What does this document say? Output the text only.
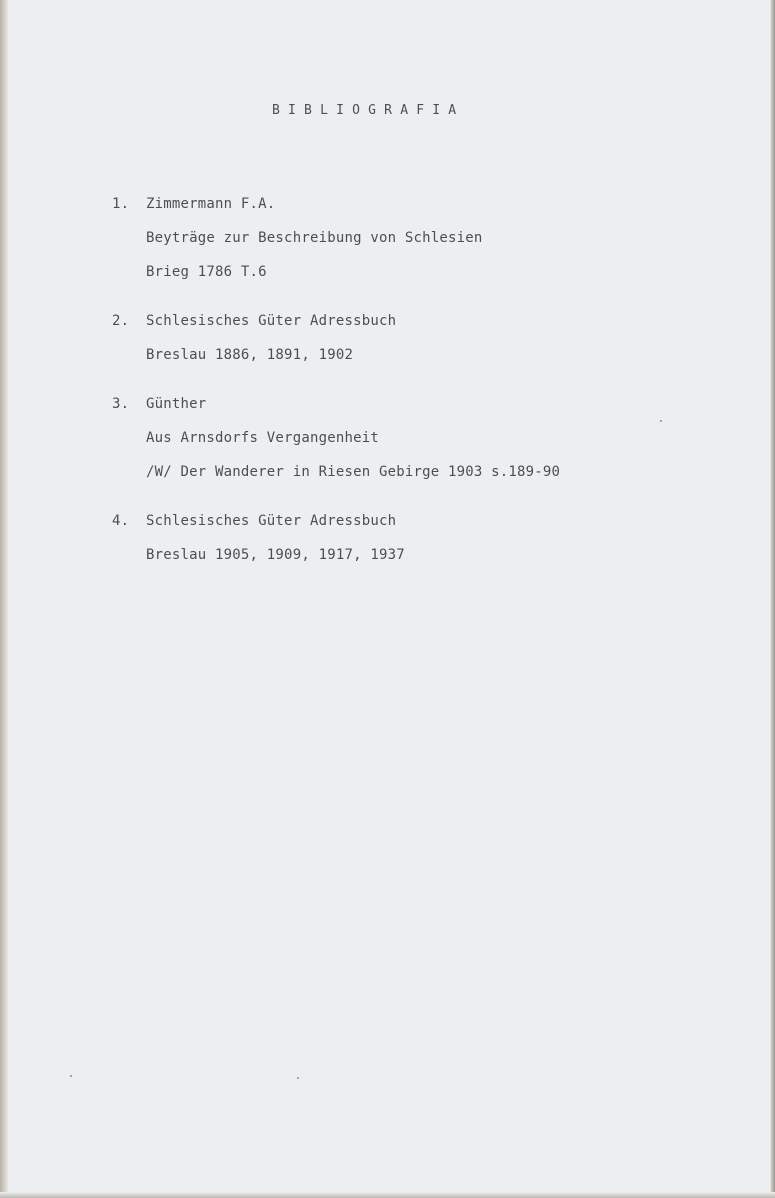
BIBLIOGRAFIA
1. Zimmermann F.A.
Beyträge zur Beschreibung von Schlesien
Brieg 1786 T.6
2. Schlesisches Güter Adressbuch
Breslau 1886, 1891, 1902
3. Günther
Aus Arnsdorfs Vergangenheit
/W/ Der Wanderer in Riesen Gebirge 1903 s.189-90
4. Schlesisches Güter Adressbuch
Breslau 1905, 1909, 1917, 1937
